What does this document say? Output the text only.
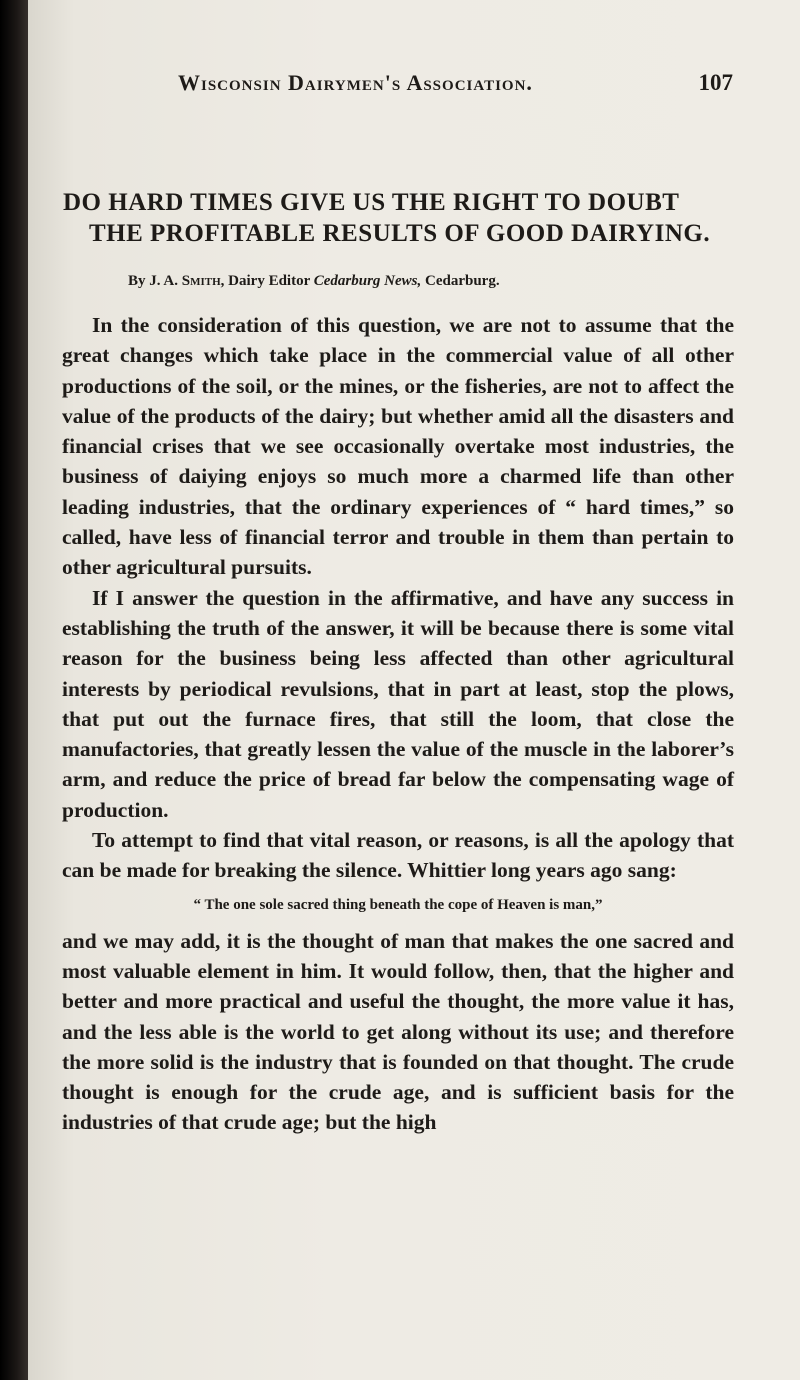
Wisconsin Dairymen's Association.	107
DO HARD TIMES GIVE US THE RIGHT TO DOUBT
THE PROFITABLE RESULTS OF GOOD DAIRYING.
By J. A. Smith, Dairy Editor Cedarburg News, Cedarburg.

In the consideration of this question, we are not to assume that the great changes which take place in the commercial value of all other productions of the soil, or the mines, or the fisheries, are not to affect the value of the products of the dairy; but whether amid all the disasters and financial crises that we see occasionally overtake most industries, the business of daiying enjoys so much more a charmed life than other leading industries, that the ordinary experiences of “ hard times,” so called, have less of financial terror and trouble in them than pertain to other agricultural pursuits.

If I answer the question in the affirmative, and have any success in establishing the truth of the answer, it will be because there is some vital reason for the business being less affected than other agricultural interests by periodical revulsions, that in part at least, stop the plows, that put out the furnace fires, that still the loom, that close the manufactories, that greatly lessen the value of the muscle in the laborer’s arm, and reduce the price of bread far below the compensating wage of production.

To attempt to find that vital reason, or reasons, is all the apology that can be made for breaking the silence. Whittier long years ago sang:

“ The one sole sacred thing beneath the cope of Heaven is man,”

and we may add, it is the thought of man that makes the one sacred and most valuable element in him. It would follow, then, that the higher and better and more practical and useful the thought, the more value it has, and the less able is the world to get along without its use; and therefore the more solid is the industry that is founded on that thought. The crude thought is enough for the crude age, and is sufficient basis for the industries of that crude age; but the high
